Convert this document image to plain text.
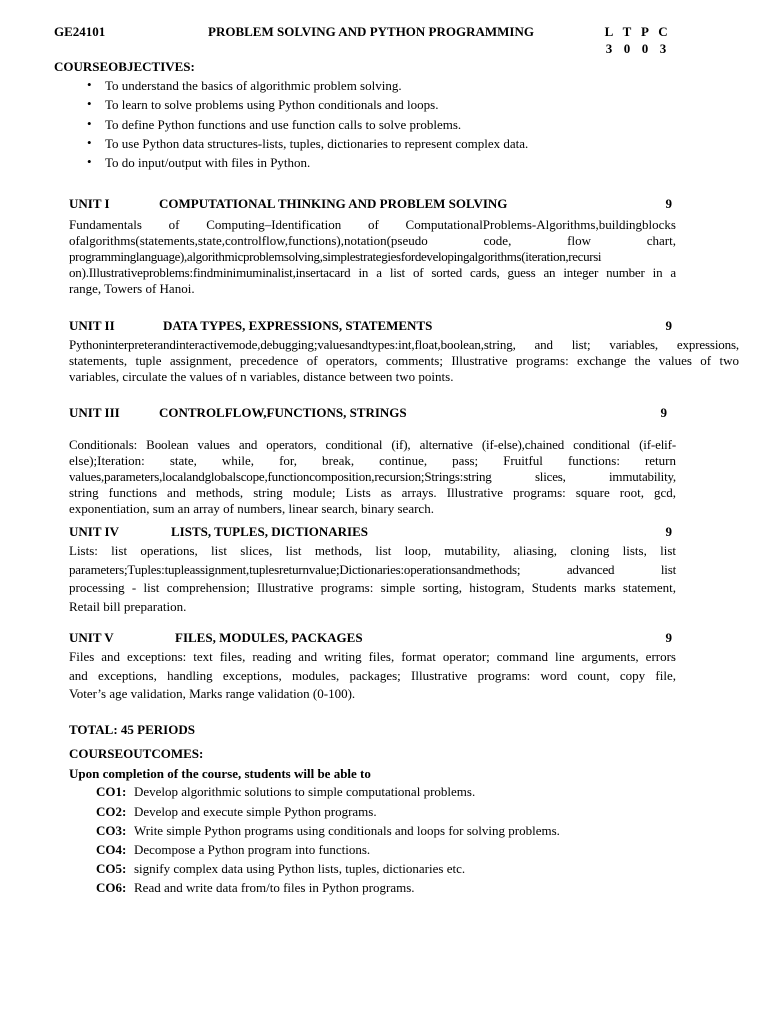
GE24101	PROBLEM SOLVING AND PYTHON PROGRAMMING	L T P C
3 0 0 3
COURSEOBJECTIVES:
• To understand the basics of algorithmic problem solving.
• To learn to solve problems using Python conditionals and loops.
• To define Python functions and use function calls to solve problems.
• To use Python data structures-lists, tuples, dictionaries to represent complex data.
• To do input/output with files in Python.
UNIT I	COMPUTATIONAL THINKING AND PROBLEM SOLVING	9
Fundamentals of Computing–Identification of ComputationalProblems-Algorithms,buildingblocks
ofalgorithms(statements,state,controlflow,functions),notation(pseudo code, flow chart,
programminglanguage),algorithmicproblemsolving,simplestrategiesfordevelopingalgorithms(iteration,recursi
on).Illustrativeproblems:findminimuminalist,insertacard in a list of sorted cards, guess an integer number in a
range, Towers of Hanoi.
UNIT II	DATA TYPES, EXPRESSIONS, STATEMENTS	9
Pythoninterpreterandinteractivemode,debugging;valuesandtypes:int,float,boolean,string, and list; variables, expressions,
statements, tuple assignment, precedence of operators, comments; Illustrative programs: exchange the values of two
variables, circulate the values of n variables, distance between two points.
UNIT III	CONTROLFLOW,FUNCTIONS, STRINGS	9
Conditionals: Boolean values and operators, conditional (if), alternative (if-else),chained conditional (if-elif-
else);Iteration: state, while, for, break, continue, pass; Fruitful functions: return
values,parameters,localandglobalscope,functioncomposition,recursion;Strings:string slices, immutability,
string functions and methods, string module; Lists as arrays. Illustrative programs: square root, gcd,
exponentiation, sum an array of numbers, linear search, binary search.
UNIT IV	LISTS, TUPLES, DICTIONARIES	9
Lists: list operations, list slices, list methods, list loop, mutability, aliasing, cloning lists, list
parameters;Tuples:tupleassignment,tuplesreturnvalue;Dictionaries:operationsandmethods; advanced list
processing - list comprehension; Illustrative programs: simple sorting, histogram, Students marks statement,
Retail bill preparation.
UNIT V	FILES, MODULES, PACKAGES	9
Files and exceptions: text files, reading and writing files, format operator; command line arguments, errors
and exceptions, handling exceptions, modules, packages; Illustrative programs: word count, copy file,
Voter’s age validation, Marks range validation (0-100).
TOTAL: 45 PERIODS
COURSEOUTCOMES:
Upon completion of the course, students will be able to
CO1: Develop algorithmic solutions to simple computational problems.
CO2: Develop and execute simple Python programs.
CO3: Write simple Python programs using conditionals and loops for solving problems.
CO4: Decompose a Python program into functions.
CO5: signify complex data using Python lists, tuples, dictionaries etc.
CO6: Read and write data from/to files in Python programs.
